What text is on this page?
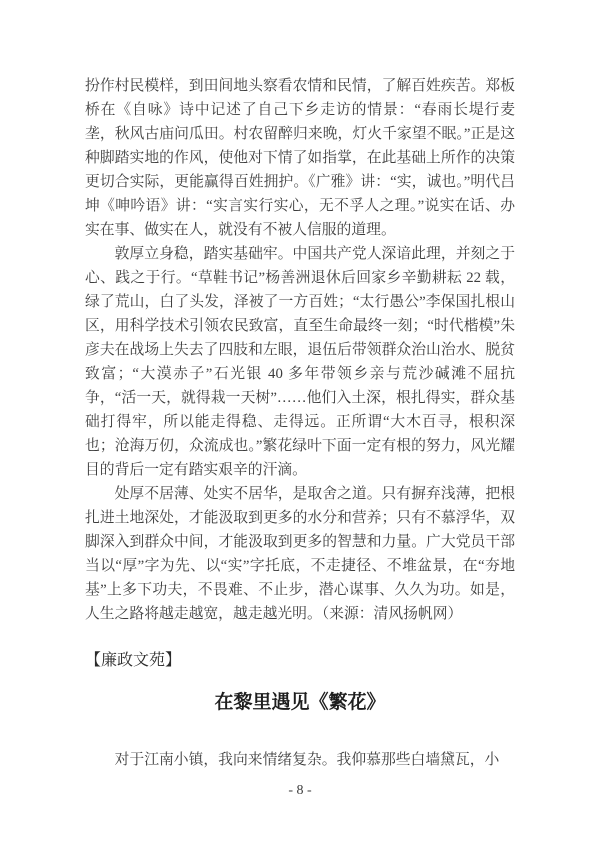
扮作村民模样，到田间地头察看农情和民情，了解百姓疾苦。郑板桥在《自咏》诗中记述了自己下乡走访的情景：“春雨长堤行麦垄，秋风古庙问瓜田。村农留醉归来晚，灯火千家望不眠。”正是这种脚踏实地的作风，使他对下情了如指掌，在此基础上所作的决策更切合实际，更能赢得百姓拥护。《广雅》讲：“实，诚也。”明代吕坤《呻吟语》讲：“实言实行实心，无不孚人之理。”说实在话、办实在事、做实在人，就没有不被人信服的道理。

敦厚立身稳，踏实基础牢。中国共产党人深谙此理，并刻之于心、践之于行。“草鞋书记”杨善洲退休后回家乡辛勤耕耘 22 载，绿了荒山，白了头发，泽被了一方百姓；“太行愚公”李保国扎根山区，用科学技术引领农民致富，直至生命最终一刻；“时代楷模”朱彦夫在战场上失去了四肢和左眼，退伍后带领群众治山治水、脱贫致富；“大漠赤子”石光银 40 多年带领乡亲与荒沙碱滩不屈抗争，“活一天，就得栽一天树”……他们入土深，根扎得实，群众基础打得牢，所以能走得稳、走得远。正所谓“大木百寻，根积深也；沧海万仞，众流成也。”繁花绿叶下面一定有根的努力，风光耀目的背后一定有踏实艰辛的汗滴。

处厚不居薄、处实不居华，是取舍之道。只有摒弃浅薄，把根扎进土地深处，才能汲取到更多的水分和营养；只有不慕浮华，双脚深入到群众中间，才能汲取到更多的智慧和力量。广大党员干部当以“厚”字为先、以“实”字托底，不走捷径、不堆盆景，在“夯地基”上多下功夫，不畏难、不止步，潜心谋事、久久为功。如是，人生之路将越走越宽，越走越光明。（来源：清风扬帆网）

【廉政文苑】
在黎里遇见《繁花》

对于江南小镇，我向来情绪复杂。我仰慕那些白墙黛瓦，小

- 8 -
